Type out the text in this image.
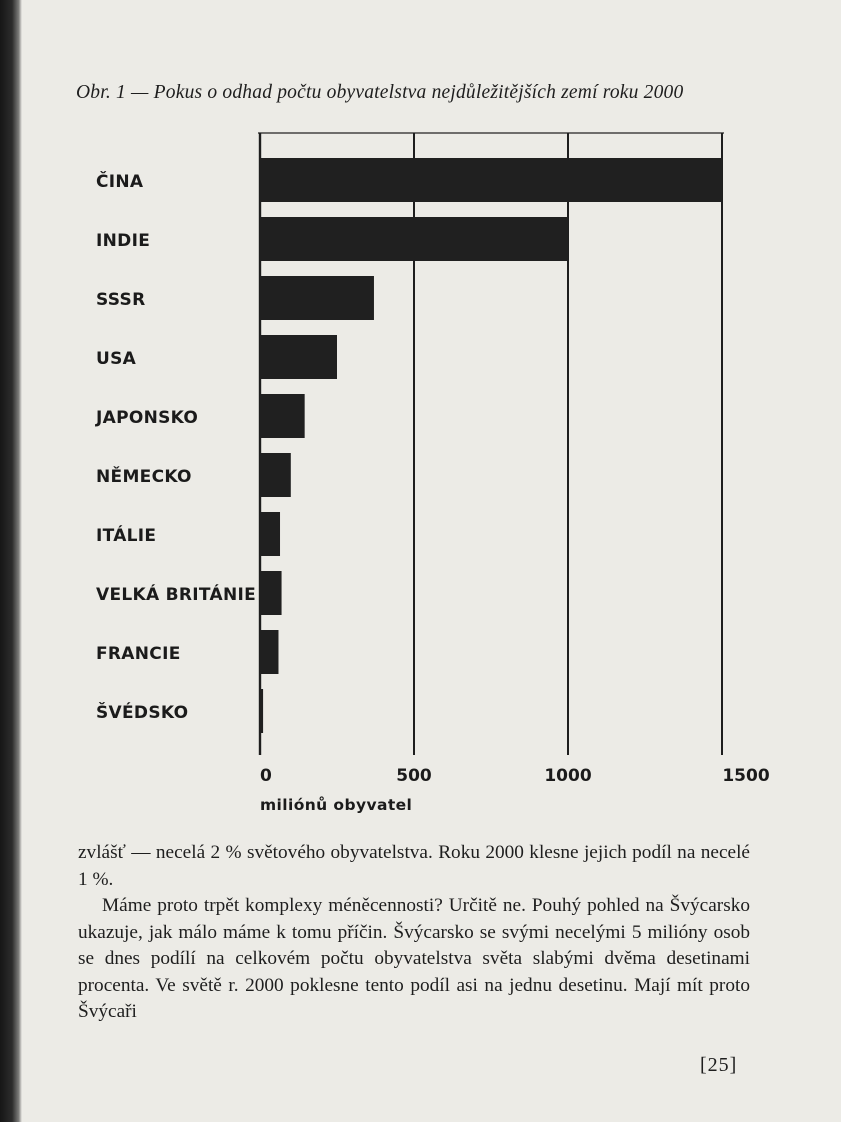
Obr. 1 — Pokus o odhad počtu obyvatelstva nejdůležitějších zemí roku 2000
ČINA
INDIE
SSSR
USA
JAPONSKO
NĚMECKO
ITÁLIE
VELKÁ BRITÁNIE
FRANCIE
ŠVÉDSKO
0	500	1000	1500
miliónů obyvatel

zvlášť — necelá 2 % světového obyvatelstva. Roku 2000 klesne jejich podíl na necelé 1 %.

Máme proto trpět komplexy méněcennosti? Určitě ne. Pouhý pohled na Švýcarsko ukazuje, jak málo máme k tomu příčin. Švýcarsko se svými necelými 5 milióny osob se dnes podílí na celkovém počtu obyvatelstva světa slabými dvěma desetinami procenta. Ve světě r. 2000 poklesne tento podíl asi na jednu desetinu. Mají mít proto Švýcaři

[25]
